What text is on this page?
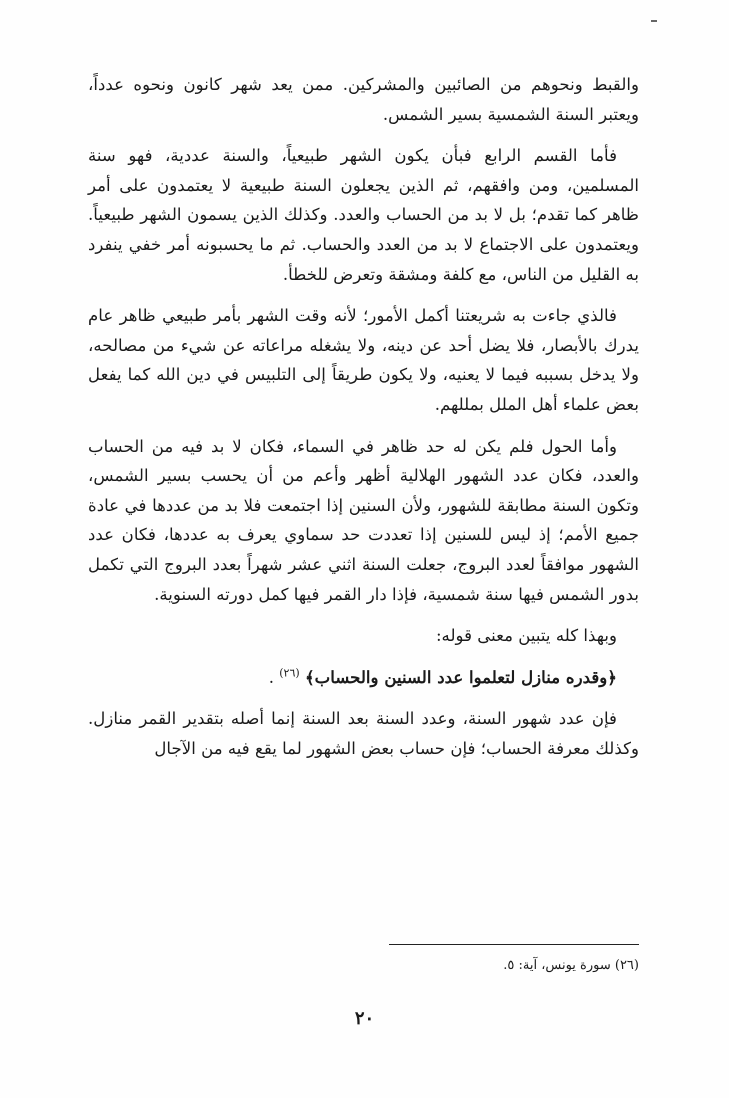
والقبط ونحوهم من الصائبين والمشركين. ممن يعد شهر كانون ونحوه عدداً، ويعتبر السنة الشمسية بسير الشمس.

فأما القسم الرابع فبأن يكون الشهر طبيعياً، والسنة عددية، فهو سنة المسلمين، ومن وافقهم، ثم الذين يجعلون السنة طبيعية لا يعتمدون على أمر ظاهر كما تقدم؛ بل لا بد من الحساب والعدد. وكذلك الذين يسمون الشهر طبيعياً. ويعتمدون على الاجتماع لا بد من العدد والحساب. ثم ما يحسبونه أمر خفي ينفرد به القليل من الناس، مع كلفة ومشقة وتعرض للخطأ.

فالذي جاءت به شريعتنا أكمل الأمور؛ لأنه وقت الشهر بأمر طبيعي ظاهر عام يدرك بالأبصار، فلا يضل أحد عن دينه، ولا يشغله مراعاته عن شيء من مصالحه، ولا يدخل بسببه فيما لا يعنيه، ولا يكون طريقاً إلى التلبيس في دين الله كما يفعل بعض علماء أهل الملل بمللهم.

وأما الحول فلم يكن له حد ظاهر في السماء، فكان لا بد فيه من الحساب والعدد، فكان عدد الشهور الهلالية أظهر وأعم من أن يحسب بسير الشمس، وتكون السنة مطابقة للشهور، ولأن السنين إذا اجتمعت فلا بد من عددها في عادة جميع الأمم؛ إذ ليس للسنين إذا تعددت حد سماوي يعرف به عددها، فكان عدد الشهور موافقاً لعدد البروج، جعلت السنة اثني عشر شهراً بعدد البروج التي تكمل بدور الشمس فيها سنة شمسية، فإذا دار القمر فيها كمل دورته السنوية.

وبهذا كله يتبين معنى قوله:

﴿وقدره منازل لتعلموا عدد السنين والحساب﴾ $^{(٢٦)}$ .

فإن عدد شهور السنة، وعدد السنة بعد السنة إنما أصله بتقدير القمر منازل. وكذلك معرفة الحساب؛ فإن حساب بعض الشهور لما يقع فيه من الآجال

(٢٦) سورة يونس، آية: ٥.
٢٠
